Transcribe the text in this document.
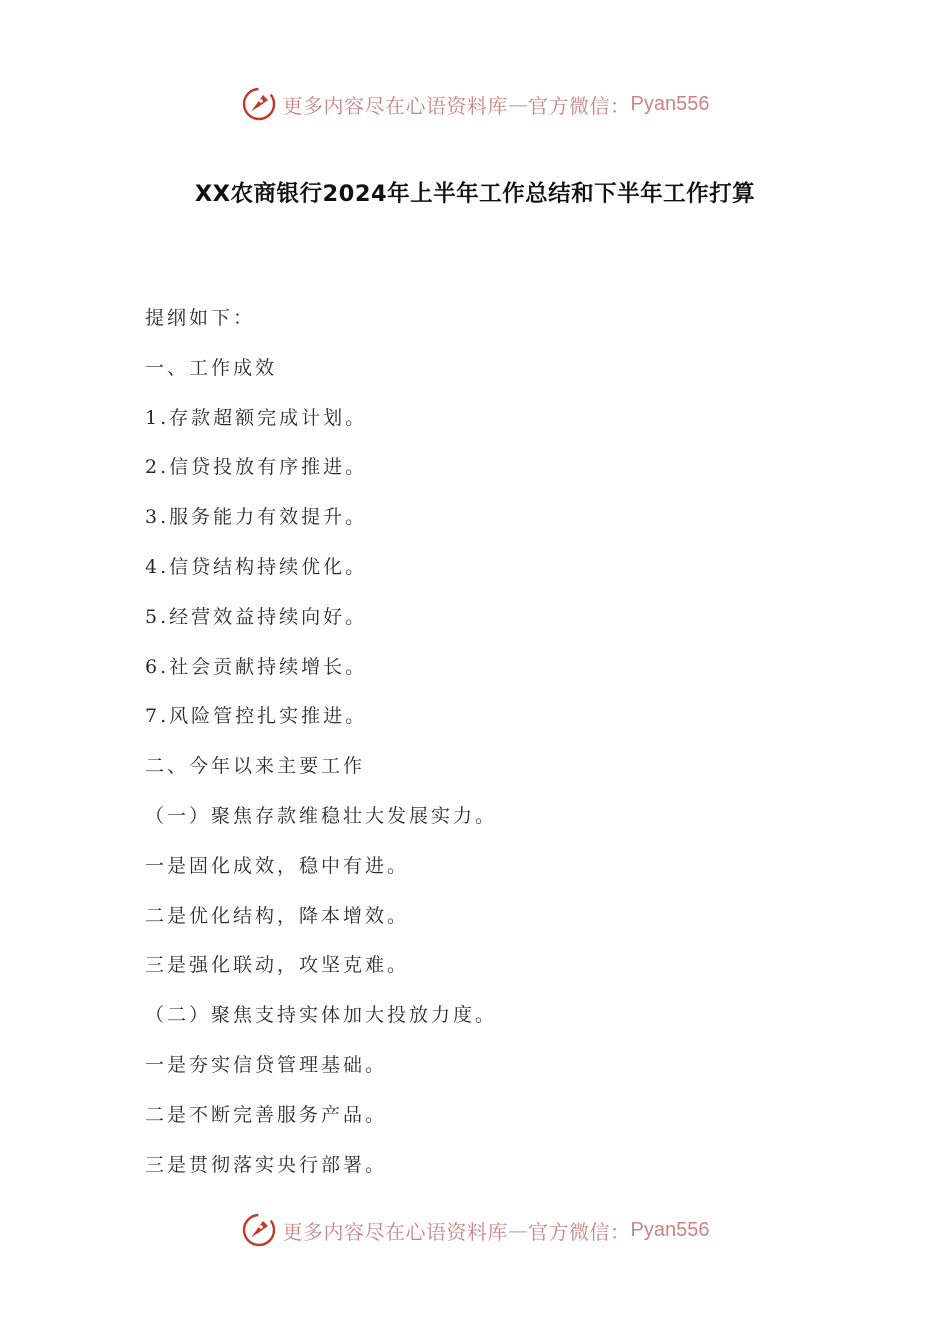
更多内容尽在心语资料库 — 官方微信： Pyan556
XX农商银行2024年上半年工作总结和下半年工作打算
提纲如下：
一、工作成效
1.存款超额完成计划。
2.信贷投放有序推进。
3.服务能力有效提升。
4.信贷结构持续优化。
5.经营效益持续向好。
6.社会贡献持续增长。
7.风险管控扎实推进。
二、今年以来主要工作
（一）聚焦存款维稳壮大发展实力。
一是固化成效，稳中有进。
二是优化结构，降本增效。
三是强化联动，攻坚克难。
（二）聚焦支持实体加大投放力度。
一是夯实信贷管理基础。
二是不断完善服务产品。
三是贯彻落实央行部署。
更多内容尽在心语资料库 — 官方微信： Pyan556
